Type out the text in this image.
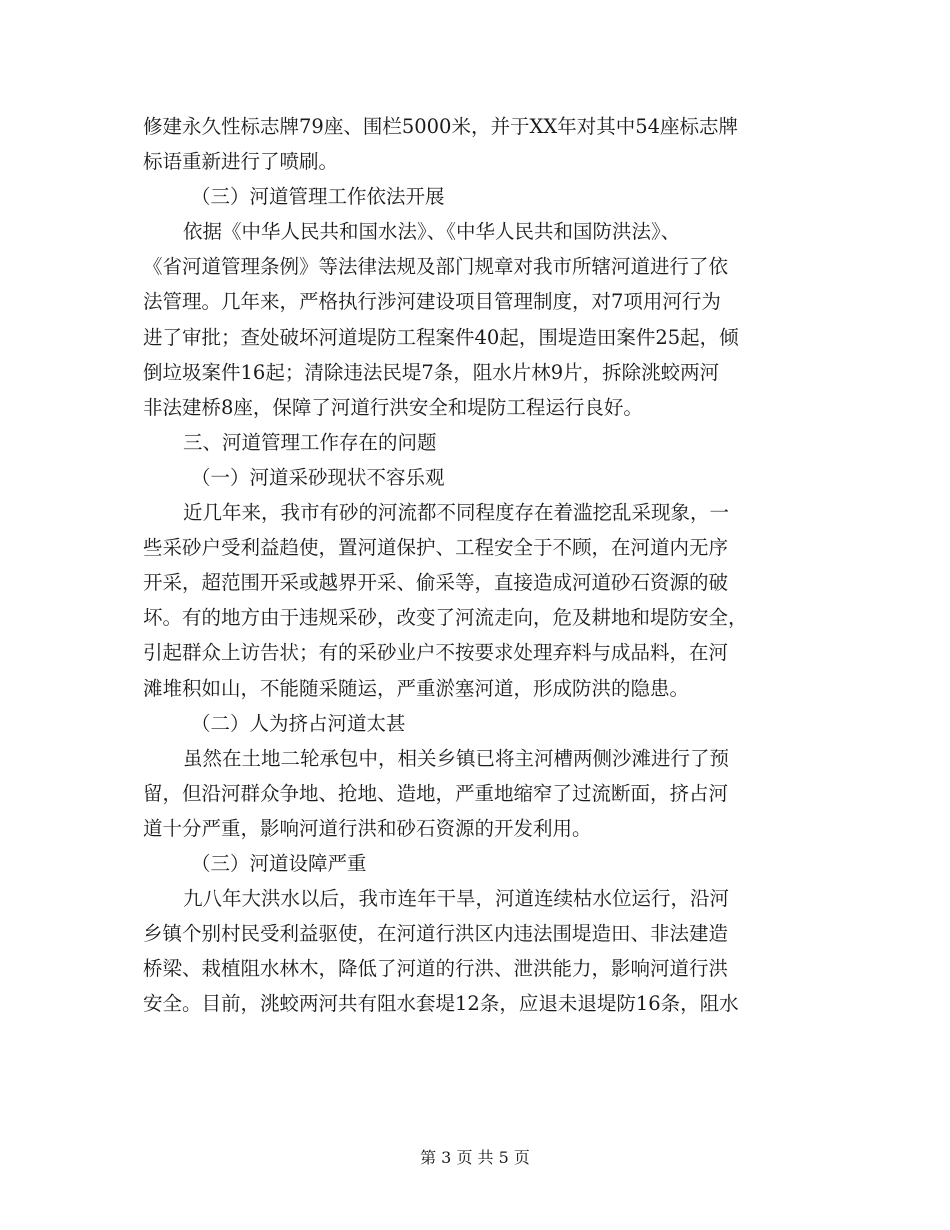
修建永久性标志牌79座、围栏5000米，并于XX年对其中54座标志牌
标语重新进行了喷刷。
（三）河道管理工作依法开展
依据《中华人民共和国水法》、《中华人民共和国防洪法》、
《省河道管理条例》等法律法规及部门规章对我市所辖河道进行了依
法管理。几年来，严格执行涉河建设项目管理制度，对7项用河行为
进了审批；查处破坏河道堤防工程案件40起，围堤造田案件25起，倾
倒垃圾案件16起；清除违法民堤7条，阻水片林9片，拆除洮蛟两河
非法建桥8座，保障了河道行洪安全和堤防工程运行良好。
三、河道管理工作存在的问题
（一）河道采砂现状不容乐观
近几年来，我市有砂的河流都不同程度存在着滥挖乱采现象，一
些采砂户受利益趋使，置河道保护、工程安全于不顾，在河道内无序
开采，超范围开采或越界开采、偷采等，直接造成河道砂石资源的破
坏。有的地方由于违规采砂，改变了河流走向，危及耕地和堤防安全，
引起群众上访告状；有的采砂业户不按要求处理弃料与成品料，在河
滩堆积如山，不能随采随运，严重淤塞河道，形成防洪的隐患。
（二）人为挤占河道太甚
虽然在土地二轮承包中，相关乡镇已将主河槽两侧沙滩进行了预
留，但沿河群众争地、抢地、造地，严重地缩窄了过流断面，挤占河
道十分严重，影响河道行洪和砂石资源的开发利用。
（三）河道设障严重
九八年大洪水以后，我市连年干旱，河道连续枯水位运行，沿河
乡镇个别村民受利益驱使，在河道行洪区内违法围堤造田、非法建造
桥梁、栽植阻水林木，降低了河道的行洪、泄洪能力，影响河道行洪
安全。目前，洮蛟两河共有阻水套堤12条，应退未退堤防16条，阻水
第 3 页 共 5 页
